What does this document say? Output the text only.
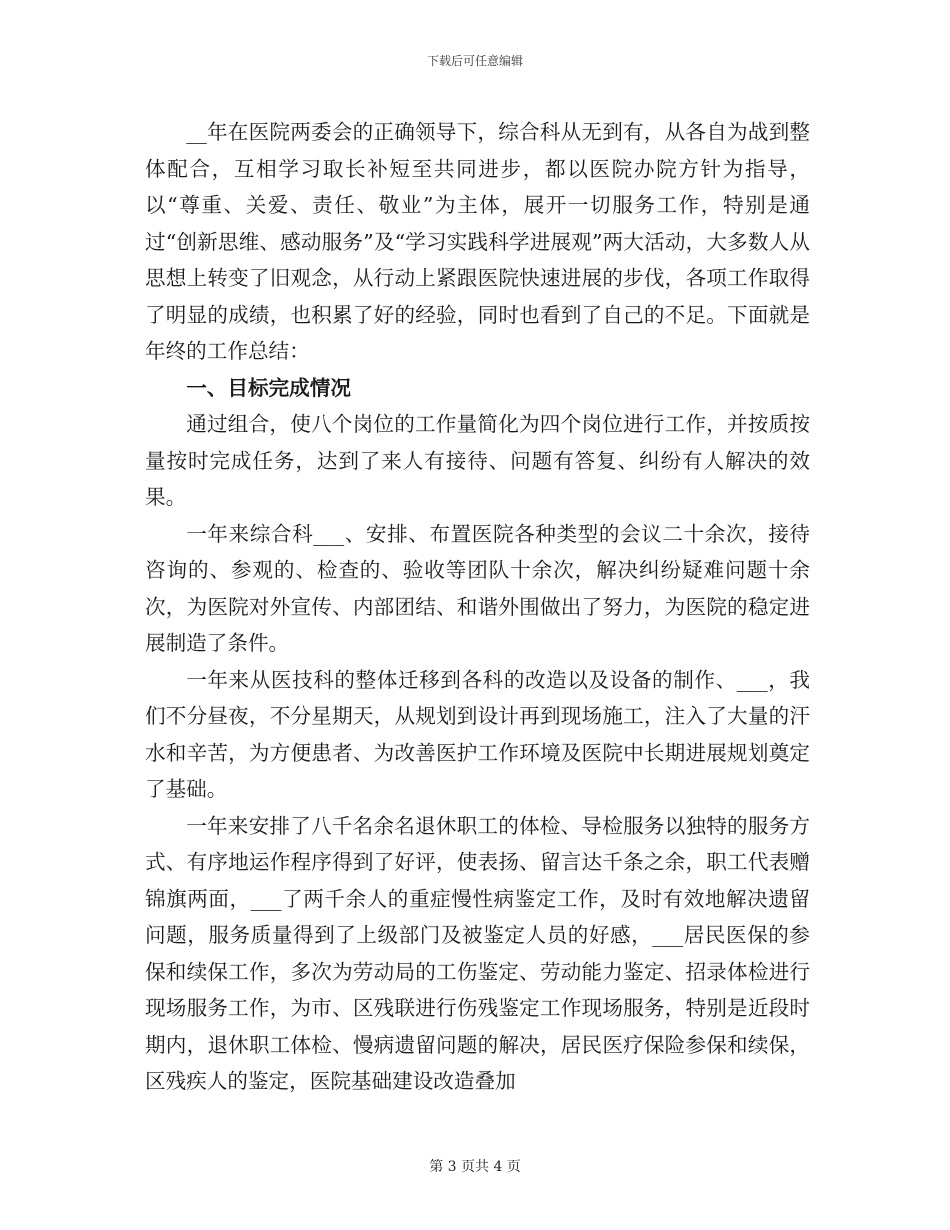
下载后可任意编辑

__年在医院两委会的正确领导下，综合科从无到有，从各自为战到整体配合，互相学习取长补短至共同进步，都以医院办院方针为指导，以“尊重、关爱、责任、敬业”为主体，展开一切服务工作，特别是通过“创新思维、感动服务”及“学习实践科学进展观”两大活动，大多数人从思想上转变了旧观念，从行动上紧跟医院快速进展的步伐，各项工作取得了明显的成绩，也积累了好的经验，同时也看到了自己的不足。下面就是年终的工作总结：

一、目标完成情况

通过组合，使八个岗位的工作量简化为四个岗位进行工作，并按质按量按时完成任务，达到了来人有接待、问题有答复、纠纷有人解决的效果。

一年来综合科___、安排、布置医院各种类型的会议二十余次，接待咨询的、参观的、检查的、验收等团队十余次，解决纠纷疑难问题十余次，为医院对外宣传、内部团结、和谐外围做出了努力，为医院的稳定进展制造了条件。

一年来从医技科的整体迁移到各科的改造以及设备的制作、___，我们不分昼夜，不分星期天，从规划到设计再到现场施工，注入了大量的汗水和辛苦，为方便患者、为改善医护工作环境及医院中长期进展规划奠定了基础。

一年来安排了八千名余名退休职工的体检、导检服务以独特的服务方式、有序地运作程序得到了好评，使表扬、留言达千条之余，职工代表赠锦旗两面，___了两千余人的重症慢性病鉴定工作，及时有效地解决遗留问题，服务质量得到了上级部门及被鉴定人员的好感，___居民医保的参保和续保工作，多次为劳动局的工伤鉴定、劳动能力鉴定、招录体检进行现场服务工作，为市、区残联进行伤残鉴定工作现场服务，特别是近段时期内，退休职工体检、慢病遗留问题的解决，居民医疗保险参保和续保，区残疾人的鉴定，医院基础建设改造叠加

第 3 页共 4 页
